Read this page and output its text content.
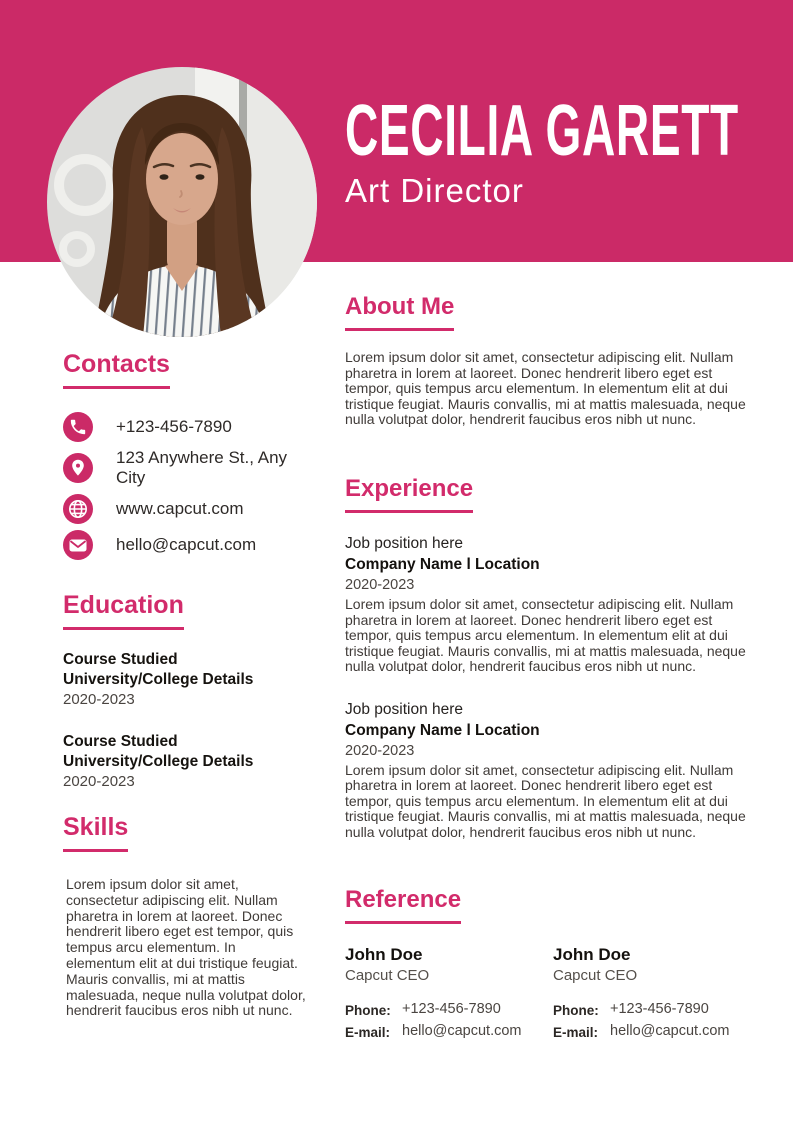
CECILIA GARETT
Art Director
Contacts
+123-456-7890
123 Anywhere St., Any City
www.capcut.com
hello@capcut.com
Education
Course Studied
University/College Details
2020-2023
Course Studied
University/College Details
2020-2023
Skills
Lorem ipsum dolor sit amet, consectetur adipiscing elit. Nullam pharetra in lorem at laoreet. Donec hendrerit libero eget est tempor, quis tempus arcu elementum. In elementum elit at dui tristique feugiat. Mauris convallis, mi at mattis malesuada, neque nulla volutpat dolor, hendrerit faucibus eros nibh ut nunc.
About Me
Lorem ipsum dolor sit amet, consectetur adipiscing elit. Nullam pharetra in lorem at laoreet. Donec hendrerit libero eget est tempor, quis tempus arcu elementum. In elementum elit at dui tristique feugiat. Mauris convallis, mi at mattis malesuada, neque nulla volutpat dolor, hendrerit faucibus eros nibh ut nunc.
Experience
Job position here
Company Name l Location
2020-2023
Lorem ipsum dolor sit amet, consectetur adipiscing elit. Nullam pharetra in lorem at laoreet. Donec hendrerit libero eget est tempor, quis tempus arcu elementum. In elementum elit at dui tristique feugiat. Mauris convallis, mi at mattis malesuada, neque nulla volutpat dolor, hendrerit faucibus eros nibh ut nunc.
Job position here
Company Name l Location
2020-2023
Lorem ipsum dolor sit amet, consectetur adipiscing elit. Nullam pharetra in lorem at laoreet. Donec hendrerit libero eget est tempor, quis tempus arcu elementum. In elementum elit at dui tristique feugiat. Mauris convallis, mi at mattis malesuada, neque nulla volutpat dolor, hendrerit faucibus eros nibh ut nunc.
Reference
John Doe
Capcut CEO
Phone: +123-456-7890
E-mail: hello@capcut.com
John Doe
Capcut CEO
Phone: +123-456-7890
E-mail: hello@capcut.com
